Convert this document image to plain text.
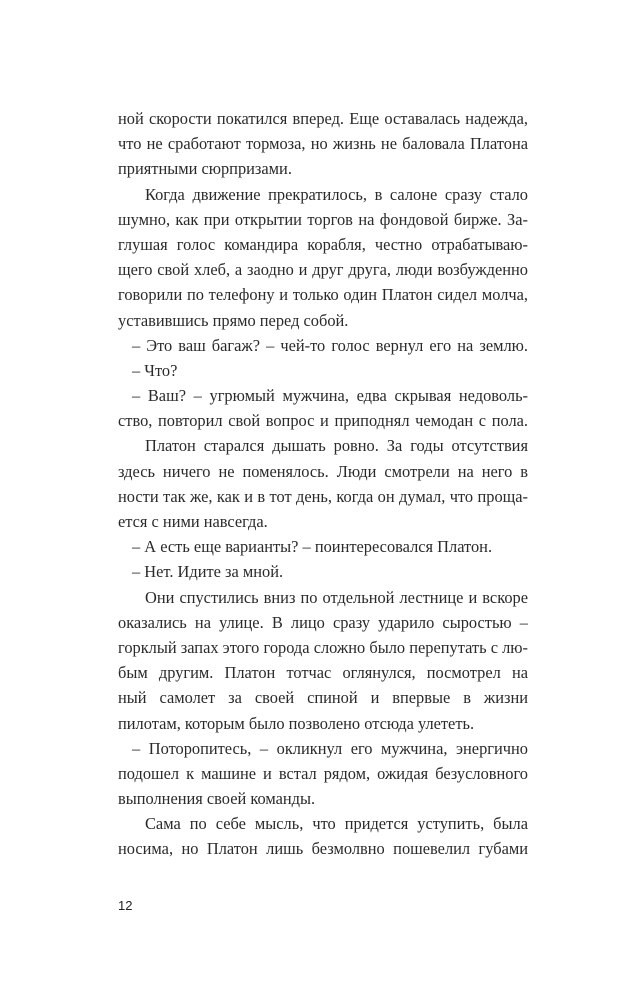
ной скорости покатился вперед. Еще оставалась надежда,
что не сработают тормоза, но жизнь не баловала Платона
приятными сюрпризами.
Когда движение прекратилось, в салоне сразу стало
шумно, как при открытии торгов на фондовой бирже. За-
глушая голос командира корабля, честно отрабатываю-
щего свой хлеб, а заодно и друг друга, люди возбужденно
говорили по телефону и только один Платон сидел молча,
уставившись прямо перед собой.
– Это ваш багаж? – чей-то голос вернул его на землю.
– Что?
– Ваш? – угрюмый мужчина, едва скрывая недоволь-
ство, повторил свой вопрос и приподнял чемодан с пола.
Платон старался дышать ровно. За годы отсутствия
здесь ничего не поменялось. Люди смотрели на него в
ности так же, как и в тот день, когда он думал, что проща-
ется с ними навсегда.
– А есть еще варианты? – поинтересовался Платон.
– Нет. Идите за мной.
Они спустились вниз по отдельной лестнице и вскоре
оказались на улице. В лицо сразу ударило сыростью –
горклый запах этого города сложно было перепутать с лю-
бым другим. Платон тотчас оглянулся, посмотрел на
ный самолет за своей спиной и впервые в жизни
пилотам, которым было позволено отсюда улететь.
– Поторопитесь, – окликнул его мужчина, энергично
подошел к машине и встал рядом, ожидая безусловного
выполнения своей команды.
Сама по себе мысль, что придется уступить, была
носима, но Платон лишь безмолвно пошевелил губами
12
